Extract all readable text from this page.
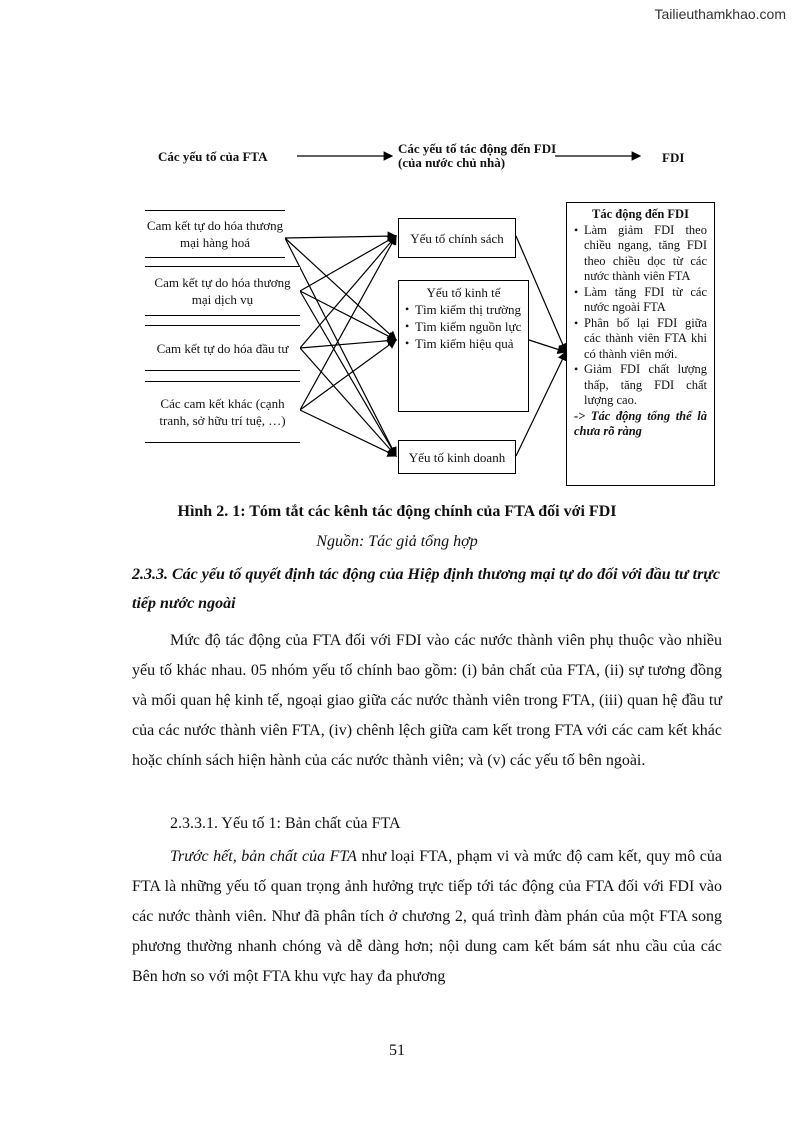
Tailieuthamkhao.com
Các yếu tố của FTA
Các yếu tố tác động đến FDI (của nước chủ nhà)	FDI
Cam kết tự do hóa thương mại hàng hoá
Cam kết tự do hóa thương mại dịch vụ
Cam kết tự do hóa đầu tư
Các cam kết khác (cạnh tranh, sở hữu trí tuệ, …)
Yếu tố chính sách
Yếu tố kinh tế
• Tìm kiếm thị trường
• Tìm kiếm nguồn lực
• Tìm kiếm hiệu quả
Yếu tố kinh doanh
Tác động đến FDI
• Làm giảm FDI theo chiều ngang, tăng FDI theo chiều dọc từ các nước thành viên FTA
• Làm tăng FDI từ các nước ngoài FTA
• Phân bổ lại FDI giữa các thành viên FTA khi có thành viên mới.
• Giảm FDI chất lượng thấp, tăng FDI chất lượng cao.
-> Tác động tổng thể là chưa rõ ràng
Hình 2. 1: Tóm tắt các kênh tác động chính của FTA đối với FDI
Nguồn: Tác giả tổng hợp
2.3.3. Các yếu tố quyết định tác động của Hiệp định thương mại tự do đối với đầu tư trực tiếp nước ngoài
Mức độ tác động của FTA đối với FDI vào các nước thành viên phụ thuộc vào nhiều yếu tố khác nhau. 05 nhóm yếu tố chính bao gồm: (i) bản chất của FTA, (ii) sự tương đồng và mối quan hệ kinh tế, ngoại giao giữa các nước thành viên trong FTA, (iii) quan hệ đầu tư của các nước thành viên FTA, (iv) chênh lệch giữa cam kết trong FTA với các cam kết khác hoặc chính sách hiện hành của các nước thành viên; và (v) các yếu tố bên ngoài.
2.3.3.1. Yếu tố 1: Bản chất của FTA
Trước hết, bản chất của FTA như loại FTA, phạm vi và mức độ cam kết, quy mô của FTA là những yếu tố quan trọng ảnh hưởng trực tiếp tới tác động của FTA đối với FDI vào các nước thành viên. Như đã phân tích ở chương 2, quá trình đàm phán của một FTA song phương thường nhanh chóng và dễ dàng hơn; nội dung cam kết bám sát nhu cầu của các Bên hơn so với một FTA khu vực hay đa phương
51
